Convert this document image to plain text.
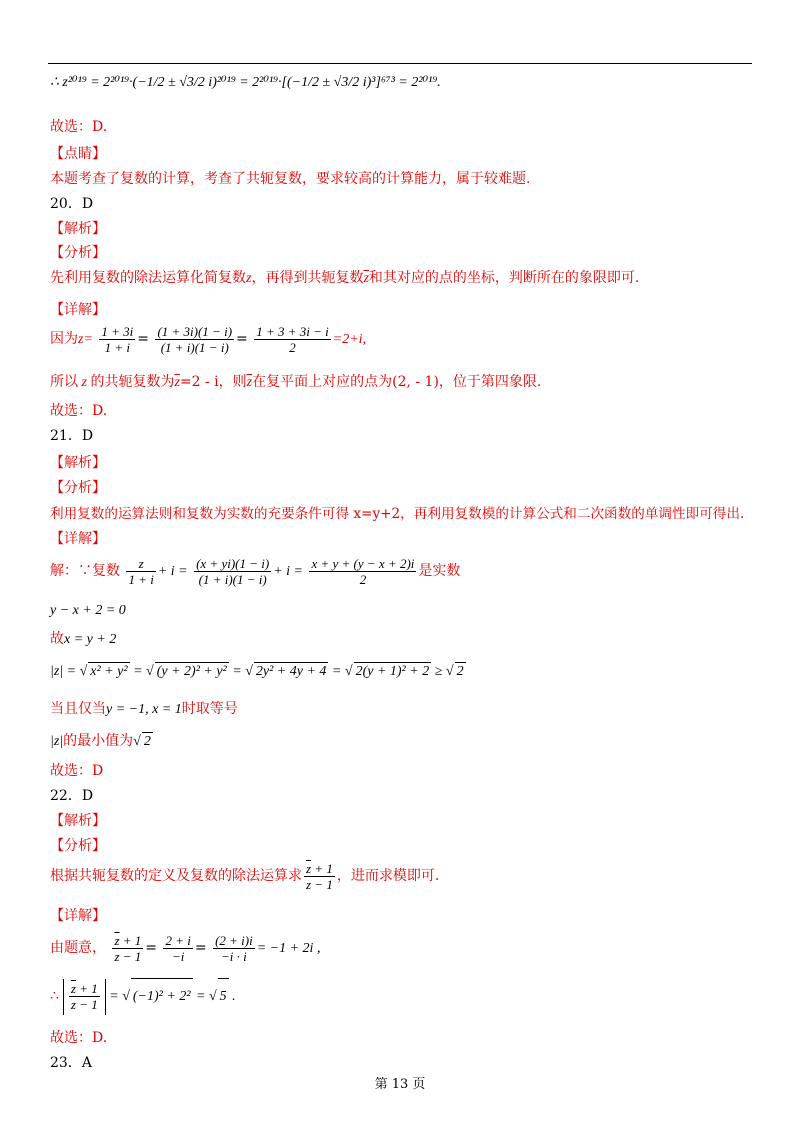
∴ z²⁰¹⁹ = 2²⁰¹⁹·(−1/2 ± √3/2 i)²⁰¹⁹ = 2²⁰¹⁹·[(−1/2 ± √3/2 i)³]⁶⁷³ = 2²⁰¹⁹.
故选：D.
【点睛】
本题考查了复数的计算，考查了共轭复数，要求较高的计算能力，属于较难题.
20．D
【解析】
【分析】
先利用复数的除法运算化简复数z，再得到共轭复数$\overline{z}$和其对应的点的坐标，判断所在的象限即可.
【详解】
因为$z= \frac{1 + 3i}{1 + i} = \frac{(1 + 3i)(1 - i)}{(1 + i)(1 - i)} = \frac{1 + 3 + 3i - i}{2} =2+i$,
所以 z 的共轭复数为$\overline{z}=2 - i$，则$\overline{z}$在复平面上对应的点为(2, - 1)，位于第四象限.
故选：D.
21．D
【解析】
【分析】
利用复数的运算法则和复数为实数的充要条件可得 x=y+2，再利用复数模的计算公式和二次函数的单调性即可得出.
【详解】
解：∵复数 $\frac{z}{1 + i} + i = \frac{(x + yi)(1 - i)}{(1 + i)(1 - i)} + i = \frac{x + y + (y - x + 2)i}{2}$ 是实数
y − x + 2 = 0
故x = y + 2
|z| = √ x² + y² = √ (y + 2)² + y² = √ 2y² + 4y + 4 = √ 2(y + 1)² + 2 ≥ √ 2
当且仅当y = −1, x = 1时取等号
|z|的最小值为√ 2
故选：D
22．D
【解析】
【分析】
根据共轭复数的定义及复数的除法运算求 $\frac{\overline{z} + 1}{z - 1}$ ，进而求模即可.
【详解】
由题意， $\frac{\overline{z} + 1}{z - 1} = \frac{2 + i}{-i} = \frac{(2 + i)i}{-i \cdot i} = -1 + 2i$ ,
∴ $\frac{\overline{z} + 1}{z - 1}$ = √ (−1)² + 2² = √ 5 .
故选：D.
23．A
第 13 页
